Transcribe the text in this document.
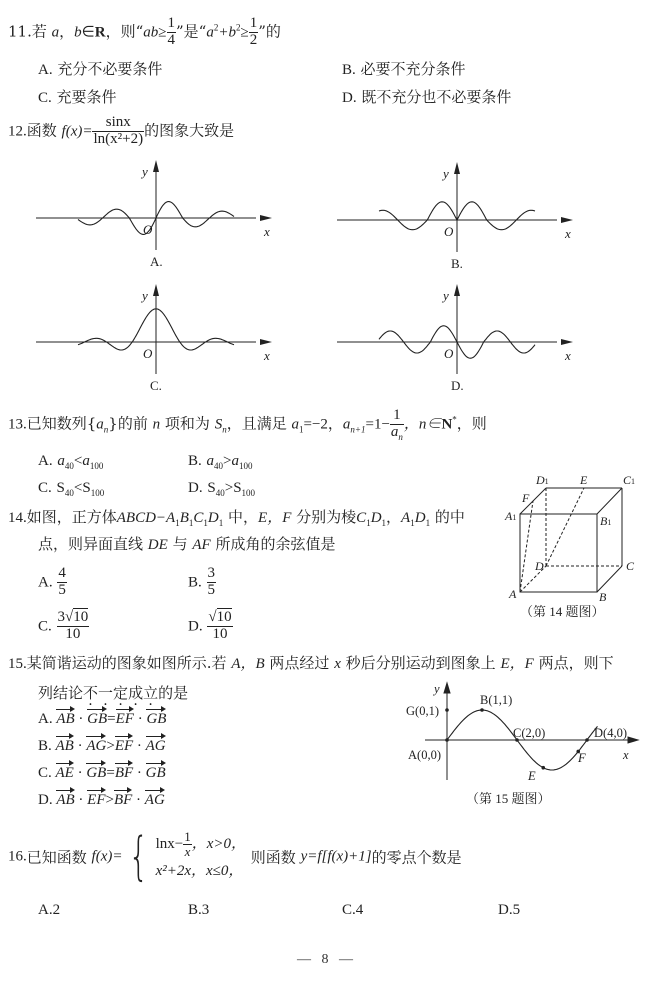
11.若 a，b∈R，则“$ab\ge \frac{1}{4}$ ”是“$a^2+b^2\ge \frac{1}{2}$ ”的
A. 充分不必要条件	B. 必要不充分条件
C. 充要条件	D. 既不充分也不必要条件
12.函数 $f(x)= \frac{\sin x}{\text{ln(x²+2)}}$ 的图象大致是
y
x
O
A.
y
x
O
B.
y
x
O
C.
y
x
O
D.
13.已知数列$\{a_n\}$的前 n 项和为 $S_n$，且满足 $a_1=-2$，$a_{n+1}=1- \frac{1}{a_n}$ ，n∈N*，则
A. $a_{40}<a_{100}$	B. $a_{40}>a_{100}$
C. $S_{40}<S_{100}$	D. $S_{40}>S_{100}$
14.如图，正方体$ABCD-A_1B_1C_1D_1$ 中，E，F 分别为棱$C_1D_1$，$A_1D_1$ 的中
点，则异面直线 DE 与 AF 所成角的余弦值是
A. $\frac{4}{5}$	B. $\frac{3}{5}$
C. $\frac{3√10}{10}$	D. $\frac{√10}{10}$
D1	E	C1
F
A1	B1
D	C
A	B
（第 14 题图）
15.某简谐运动的图象如图所示.若 A，B 两点经过 x 秒后分别运动到图象上 E，F 两点，则下
列结论不一定成立的是
A. AB · GB=EF · GB
B. AB · AG>EF · AG
C. AE · GB=BF · GB
D. AB · EF>BF · AG
y
x
G(0,1)
B(1,1)
C(2,0)	D(4,0)
A(0,0)
E
F
（第 15 题图）
16.已知函数 f(x)= { $\ln x- \frac{1}{x}$ ，x>0，
x²+2x，x≤0，
则函数 y=f[f(x)+1]的零点个数是
A.2	B.3	C.4	D.5
— 8 —
